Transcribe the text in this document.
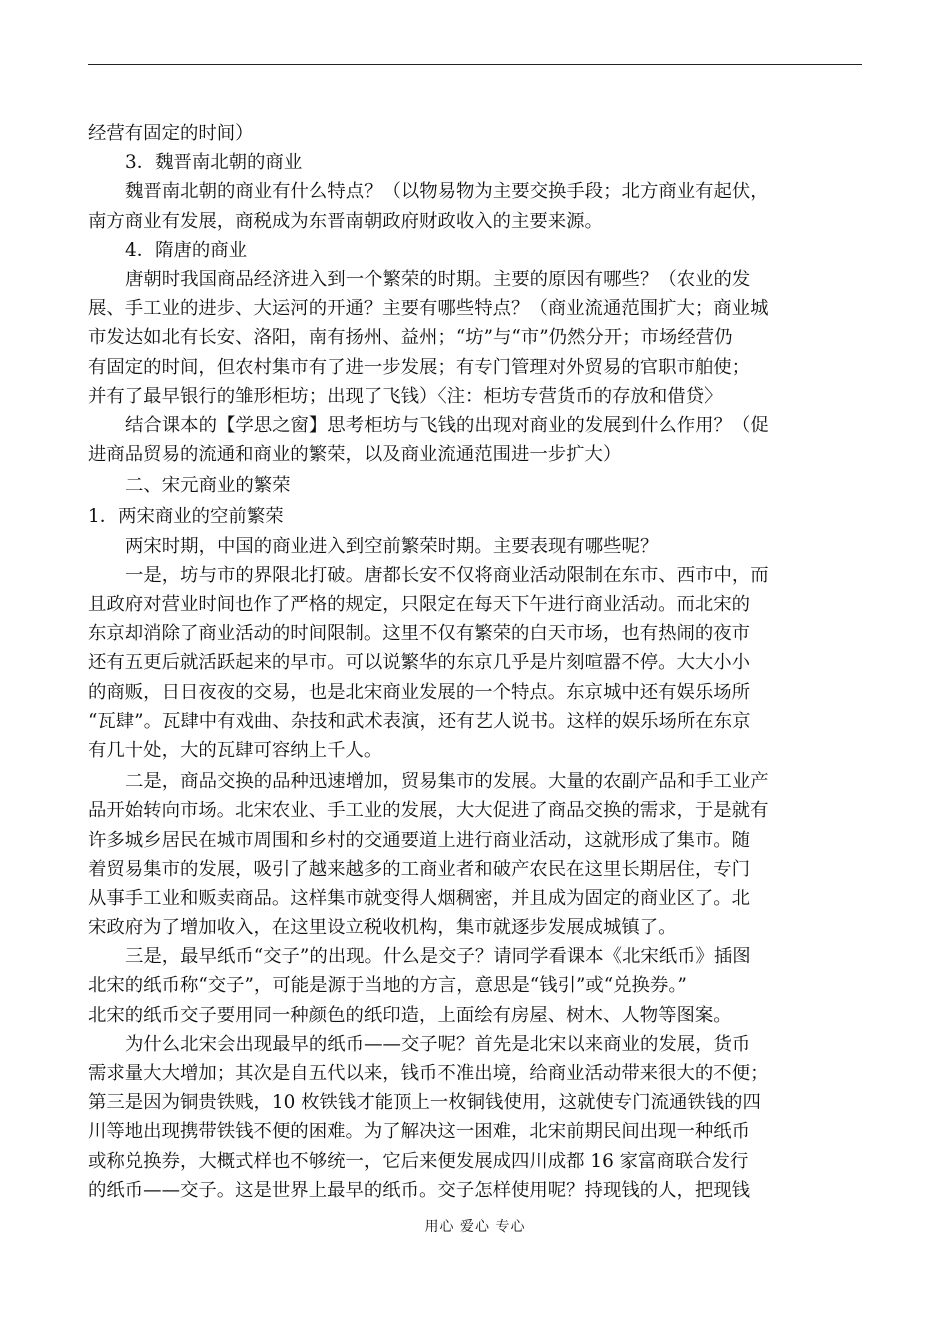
经营有固定的时间）
3．魏晋南北朝的商业
魏晋南北朝的商业有什么特点？（以物易物为主要交换手段；北方商业有起伏，
南方商业有发展，商税成为东晋南朝政府财政收入的主要来源。
4．隋唐的商业
唐朝时我国商品经济进入到一个繁荣的时期。主要的原因有哪些？（农业的发
展、手工业的进步、大运河的开通？主要有哪些特点？（商业流通范围扩大；商业城
市发达如北有长安、洛阳，南有扬州、益州；“坊”与“市”仍然分开；市场经营仍
有固定的时间，但农村集市有了进一步发展；有专门管理对外贸易的官职市舶使；
并有了最早银行的雏形柜坊；出现了飞钱）〈注：柜坊专营货币的存放和借贷〉
结合课本的【学思之窗】思考柜坊与飞钱的出现对商业的发展到什么作用？（促
进商品贸易的流通和商业的繁荣，以及商业流通范围进一步扩大）
二、宋元商业的繁荣
1．两宋商业的空前繁荣
两宋时期，中国的商业进入到空前繁荣时期。主要表现有哪些呢？
一是，坊与市的界限北打破。唐都长安不仅将商业活动限制在东市、西市中，而
且政府对营业时间也作了严格的规定，只限定在每天下午进行商业活动。而北宋的
东京却消除了商业活动的时间限制。这里不仅有繁荣的白天市场，也有热闹的夜市
还有五更后就活跃起来的早市。可以说繁华的东京几乎是片刻喧嚣不停。大大小小
的商贩，日日夜夜的交易，也是北宋商业发展的一个特点。东京城中还有娱乐场所
“瓦肆”。瓦肆中有戏曲、杂技和武术表演，还有艺人说书。这样的娱乐场所在东京
有几十处，大的瓦肆可容纳上千人。
二是，商品交换的品种迅速增加，贸易集市的发展。大量的农副产品和手工业产
品开始转向市场。北宋农业、手工业的发展，大大促进了商品交换的需求，于是就有
许多城乡居民在城市周围和乡村的交通要道上进行商业活动，这就形成了集市。随
着贸易集市的发展，吸引了越来越多的工商业者和破产农民在这里长期居住，专门
从事手工业和贩卖商品。这样集市就变得人烟稠密，并且成为固定的商业区了。北
宋政府为了增加收入，在这里设立税收机构，集市就逐步发展成城镇了。
三是，最早纸币“交子”的出现。什么是交子？请同学看课本《北宋纸币》插图
北宋的纸币称“交子”，可能是源于当地的方言，意思是“钱引”或“兑换券。”
北宋的纸币交子要用同一种颜色的纸印造，上面绘有房屋、树木、人物等图案。
为什么北宋会出现最早的纸币——交子呢？首先是北宋以来商业的发展，货币
需求量大大增加；其次是自五代以来，钱币不准出境，给商业活动带来很大的不便；
第三是因为铜贵铁贱，10 枚铁钱才能顶上一枚铜钱使用，这就使专门流通铁钱的四
川等地出现携带铁钱不便的困难。为了解决这一困难，北宋前期民间出现一种纸币
或称兑换券，大概式样也不够统一，它后来便发展成四川成都 16 家富商联合发行
的纸币——交子。这是世界上最早的纸币。交子怎样使用呢？持现钱的人，把现钱
用心 爱心 专心
